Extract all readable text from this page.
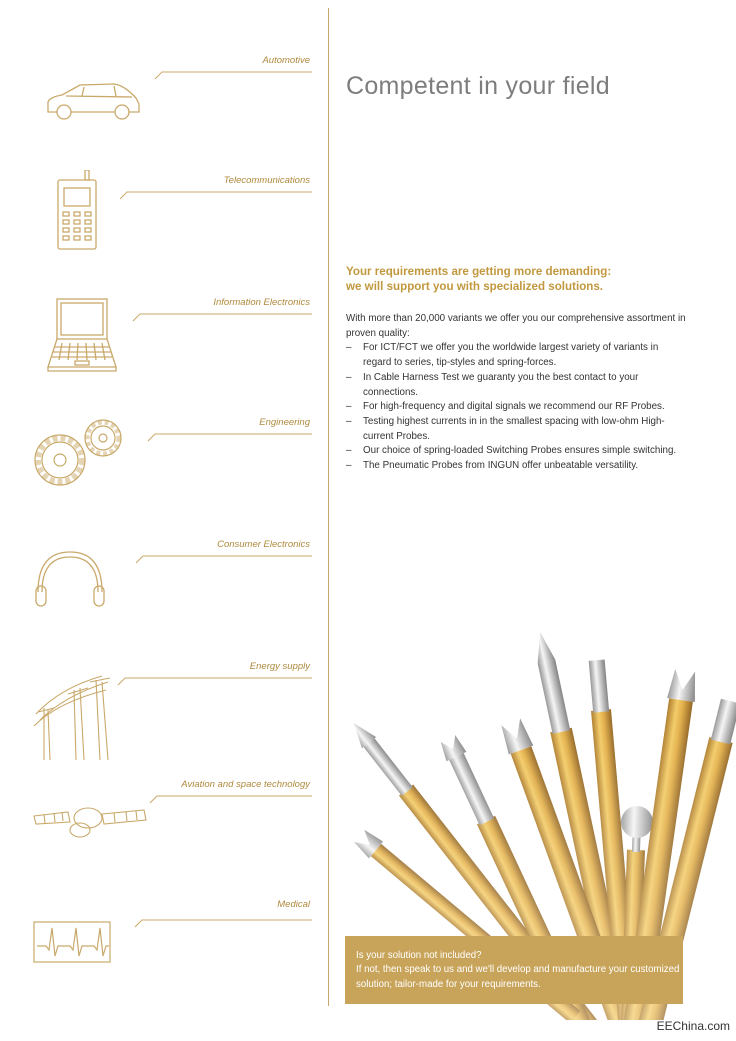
Automotive
Telecommunications
Information Electronics
Engineering
Consumer Electronics
Energy supply
Aviation and space technology
Medical
Competent in your field
Your requirements are getting more demanding:
we will support you with specialized solutions.
With more than 20,000 variants we offer you our comprehensive assortment in proven quality:
– For ICT/FCT we offer you the worldwide largest variety of variants in regard to series, tip-styles and spring-forces.
– In Cable Harness Test we guaranty you the best contact to your connections.
– For high-frequency and digital signals we recommend our RF Probes.
– Testing highest currents in in the smallest spacing with low-ohm High-current Probes.
– Our choice of spring-loaded Switching Probes ensures simple switching.
– The Pneumatic Probes from INGUN offer unbeatable versatility.
Is your solution not included?
If not, then speak to us and we'll develop and manufacture your customized solution; tailor-made for your requirements.
EEChina.com
